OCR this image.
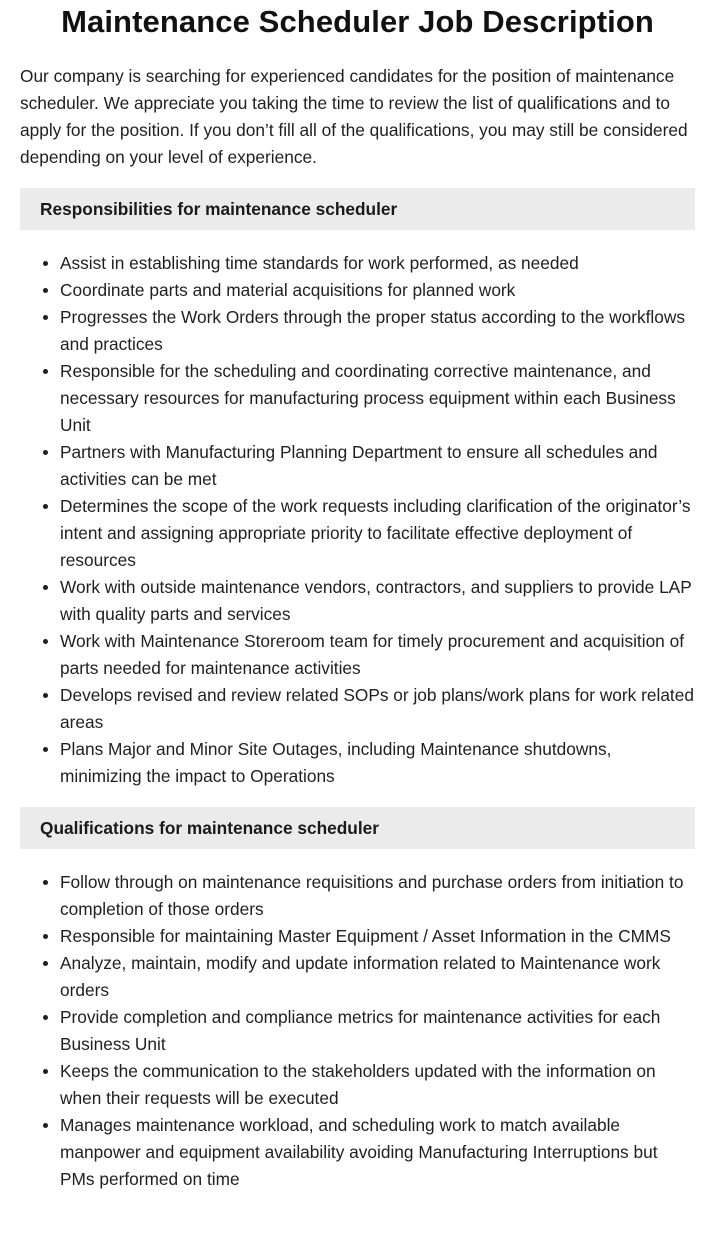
Maintenance Scheduler Job Description

Our company is searching for experienced candidates for the position of maintenance scheduler. We appreciate you taking the time to review the list of qualifications and to apply for the position. If you don’t fill all of the qualifications, you may still be considered depending on your level of experience.

Responsibilities for maintenance scheduler
Assist in establishing time standards for work performed, as needed
Coordinate parts and material acquisitions for planned work
Progresses the Work Orders through the proper status according to the workflows and practices
Responsible for the scheduling and coordinating corrective maintenance, and necessary resources for manufacturing process equipment within each Business Unit
Partners with Manufacturing Planning Department to ensure all schedules and activities can be met
Determines the scope of the work requests including clarification of the originator’s intent and assigning appropriate priority to facilitate effective deployment of resources
Work with outside maintenance vendors, contractors, and suppliers to provide LAP with quality parts and services
Work with Maintenance Storeroom team for timely procurement and acquisition of parts needed for maintenance activities
Develops revised and review related SOPs or job plans/work plans for work related areas
Plans Major and Minor Site Outages, including Maintenance shutdowns, minimizing the impact to Operations
Qualifications for maintenance scheduler
Follow through on maintenance requisitions and purchase orders from initiation to completion of those orders
Responsible for maintaining Master Equipment / Asset Information in the CMMS
Analyze, maintain, modify and update information related to Maintenance work orders
Provide completion and compliance metrics for maintenance activities for each Business Unit
Keeps the communication to the stakeholders updated with the information on when their requests will be executed
Manages maintenance workload, and scheduling work to match available manpower and equipment availability avoiding Manufacturing Interruptions but PMs performed on time
